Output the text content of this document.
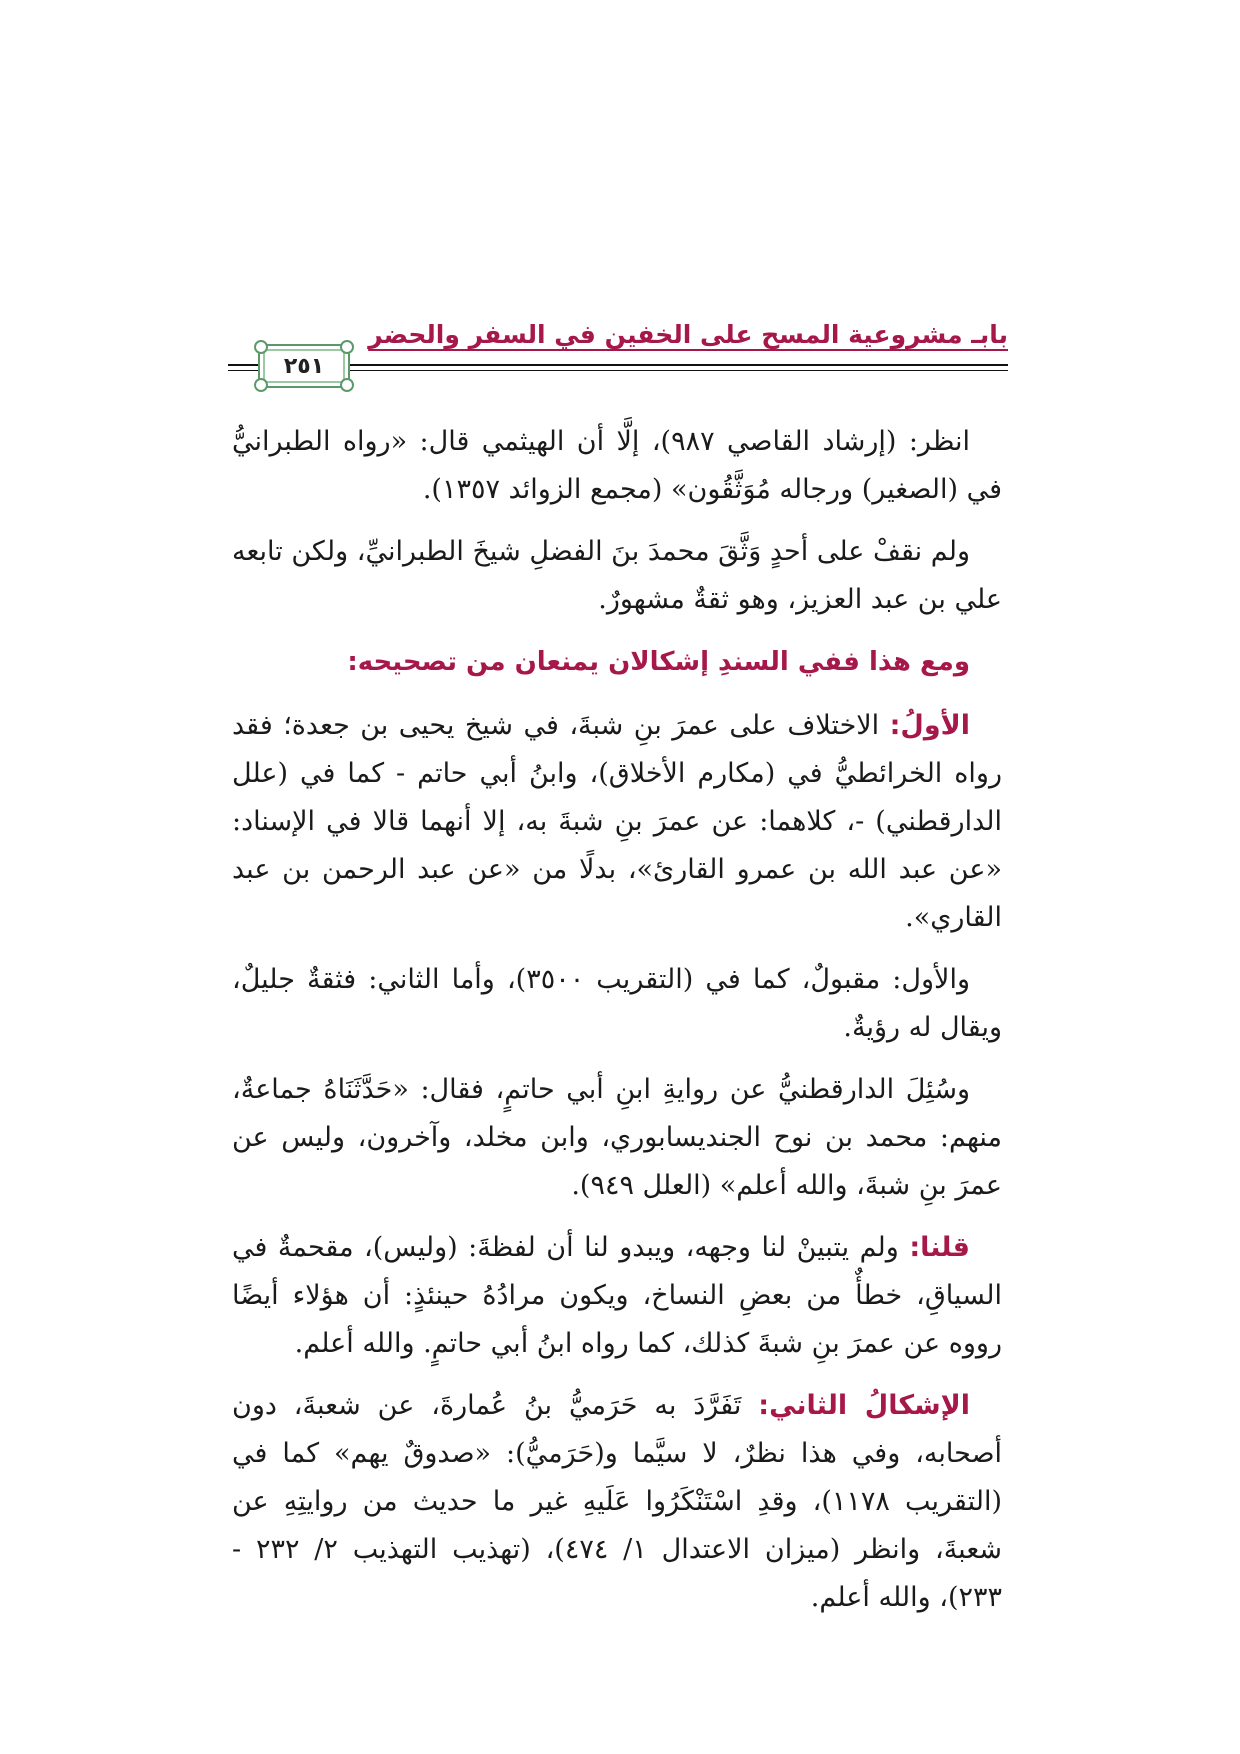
بابـ مشروعية المسح على الخفين في السفر والحضر
٢٥١

انظر: (إرشاد القاصي ٩٨٧)، إلَّا أن الهيثمي قال: «رواه الطبرانيُّ في (الصغير) ورجاله مُوَثَّقُون» (مجمع الزوائد ١٣٥٧).

ولم نقفْ على أحدٍ وَثَّقَ محمدَ بنَ الفضلِ شيخَ الطبرانيِّ، ولكن تابعه علي بن عبد العزيز، وهو ثقةٌ مشهورٌ.

ومع هذا ففي السندِ إشكالان يمنعان من تصحيحه:

الأولُ: الاختلاف على عمرَ بنِ شبةَ، في شيخ يحيى بن جعدة؛ فقد رواه الخرائطيُّ في (مكارم الأخلاق)، وابنُ أبي حاتم - كما في (علل الدارقطني) -، كلاهما: عن عمرَ بنِ شبةَ به، إلا أنهما قالا في الإسناد: «عن عبد الله بن عمرو القارئ»، بدلًا من «عن عبد الرحمن بن عبد القاري».

والأول: مقبولٌ، كما في (التقريب ٣٥٠٠)، وأما الثاني: فثقةٌ جليلٌ، ويقال له رؤيةٌ.

وسُئِلَ الدارقطنيُّ عن روايةِ ابنِ أبي حاتمٍ، فقال: «حَدَّثَنَاهُ جماعةٌ، منهم: محمد بن نوح الجنديسابوري، وابن مخلد، وآخرون، وليس عن عمرَ بنِ شبةَ، والله أعلم» (العلل ٩٤٩).

قلنا: ولم يتبينْ لنا وجهه، ويبدو لنا أن لفظةَ: (وليس)، مقحمةٌ في السياقِ، خطأٌ من بعضِ النساخ، ويكون مرادُهُ حينئذٍ: أن هؤلاء أيضًا رووه عن عمرَ بنِ شبةَ كذلك، كما رواه ابنُ أبي حاتمٍ. والله أعلم.

الإشكالُ الثاني: تَفَرَّدَ به حَرَميُّ بنُ عُمارةَ، عن شعبةَ، دون أصحابه، وفي هذا نظرٌ، لا سيَّما و(حَرَميُّ): «صدوقٌ يهم» كما في (التقريب ١١٧٨)، وقدِ اسْتَنْكَرُوا عَلَيهِ غير ما حديث من روايتِهِ عن شعبةَ، وانظر (ميزان الاعتدال ١/ ٤٧٤)، (تهذيب التهذيب ٢/ ٢٣٢ - ٢٣٣)، والله أعلم.
